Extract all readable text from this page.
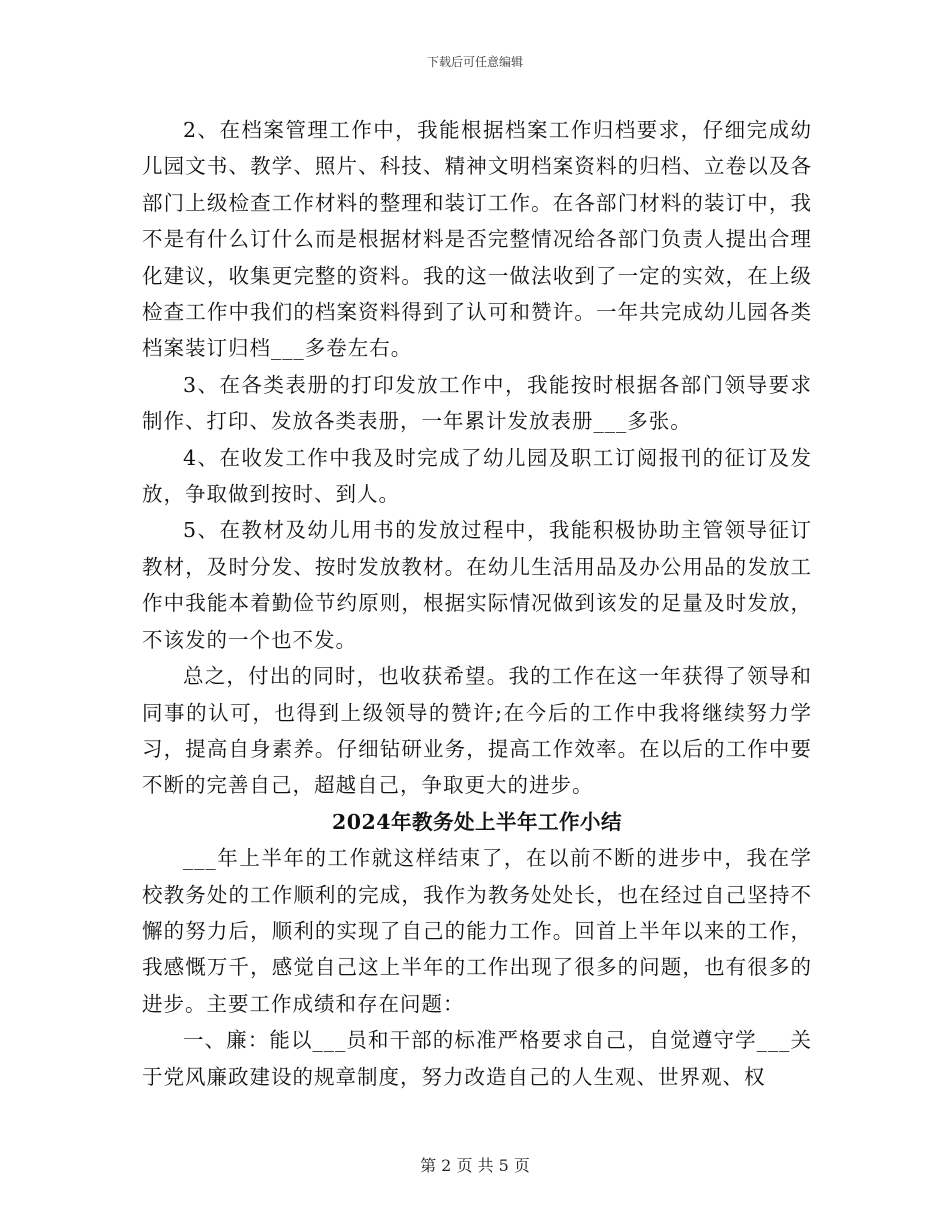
下载后可任意编辑

2、在档案管理工作中，我能根据档案工作归档要求，仔细完成幼儿园文书、教学、照片、科技、精神文明档案资料的归档、立卷以及各部门上级检查工作材料的整理和装订工作。在各部门材料的装订中，我不是有什么订什么而是根据材料是否完整情况给各部门负责人提出合理化建议，收集更完整的资料。我的这一做法收到了一定的实效，在上级检查工作中我们的档案资料得到了认可和赞许。一年共完成幼儿园各类档案装订归档___多卷左右。

3、在各类表册的打印发放工作中，我能按时根据各部门领导要求制作、打印、发放各类表册，一年累计发放表册___多张。

4、在收发工作中我及时完成了幼儿园及职工订阅报刊的征订及发放，争取做到按时、到人。

5、在教材及幼儿用书的发放过程中，我能积极协助主管领导征订教材，及时分发、按时发放教材。在幼儿生活用品及办公用品的发放工作中我能本着勤俭节约原则，根据实际情况做到该发的足量及时发放，不该发的一个也不发。

总之，付出的同时，也收获希望。我的工作在这一年获得了领导和同事的认可，也得到上级领导的赞许;在今后的工作中我将继续努力学习，提高自身素养。仔细钻研业务，提高工作效率。在以后的工作中要不断的完善自己，超越自己，争取更大的进步。

2024年教务处上半年工作小结

___年上半年的工作就这样结束了，在以前不断的进步中，我在学校教务处的工作顺利的完成，我作为教务处处长，也在经过自己坚持不懈的努力后，顺利的实现了自己的能力工作。回首上半年以来的工作，我感慨万千，感觉自己这上半年的工作出现了很多的问题，也有很多的进步。主要工作成绩和存在问题：

一、廉：能以___员和干部的标准严格要求自己，自觉遵守学___关于党风廉政建设的规章制度，努力改造自己的人生观、世界观、权

第 2 页 共 5 页
